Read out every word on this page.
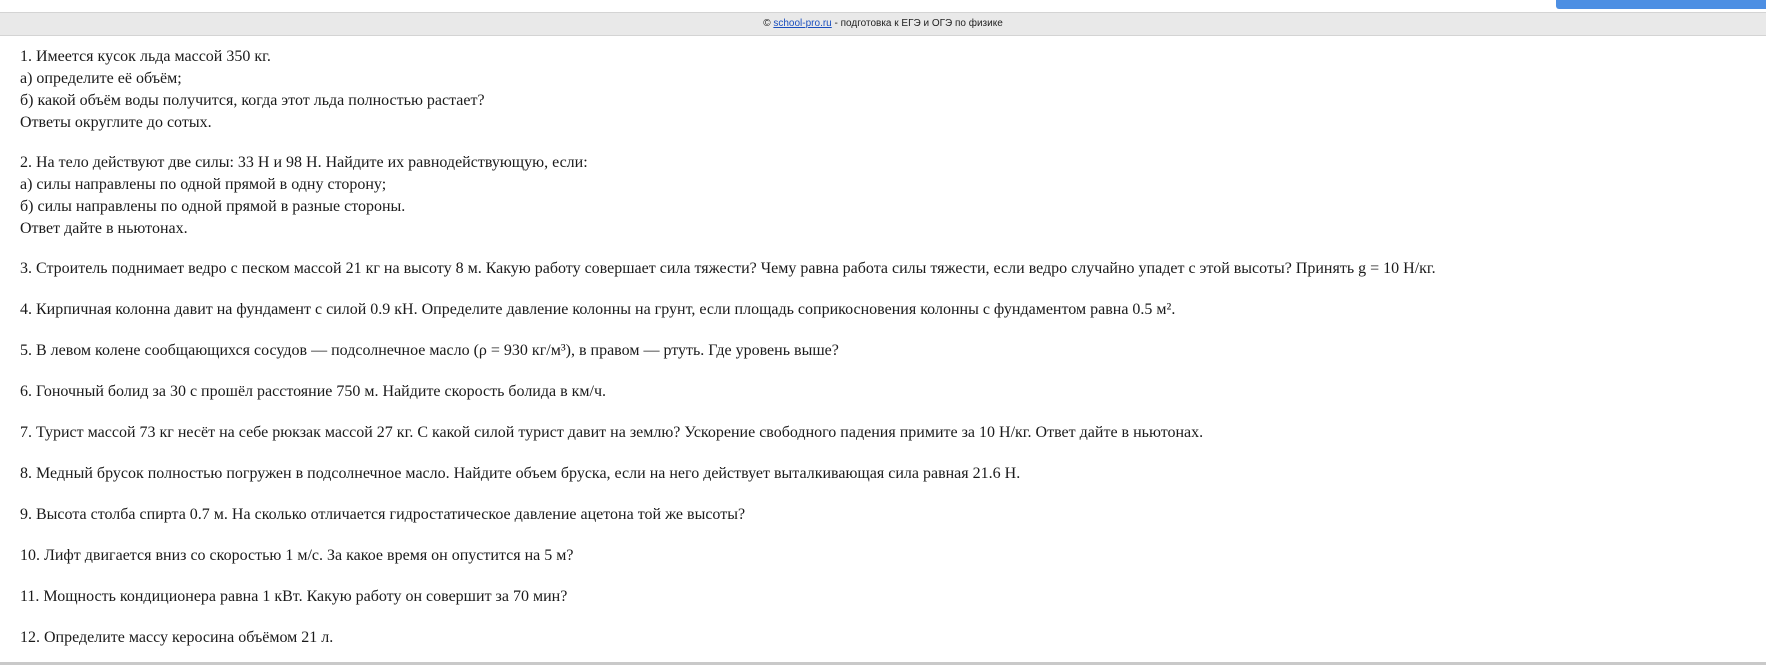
© school-pro.ru - подготовка к ЕГЭ и ОГЭ по физике
1. Имеется кусок льда массой 350 кг.
а) определите её объём;
б) какой объём воды получится, когда этот льда полностью растает?
Ответы округлите до сотых.
2. На тело действуют две силы: 33 Н и 98 Н. Найдите их равнодействующую, если:
а) силы направлены по одной прямой в одну сторону;
б) силы направлены по одной прямой в разные стороны.
Ответ дайте в ньютонах.
3. Строитель поднимает ведро с песком массой 21 кг на высоту 8 м. Какую работу совершает сила тяжести? Чему равна работа силы тяжести, если ведро случайно упадет с этой высоты? Принять g = 10 Н/кг.
4. Кирпичная колонна давит на фундамент с силой 0.9 кН. Определите давление колонны на грунт, если площадь соприкосновения колонны с фундаментом равна 0.5 м².
5. В левом колене сообщающихся сосудов — подсолнечное масло (ρ = 930 кг/м³), в правом — ртуть. Где уровень выше?
6. Гоночный болид за 30 с прошёл расстояние 750 м. Найдите скорость болида в км/ч.
7. Турист массой 73 кг несёт на себе рюкзак массой 27 кг. С какой силой турист давит на землю? Ускорение свободного падения примите за 10 Н/кг. Ответ дайте в ньютонах.
8. Медный брусок полностью погружен в подсолнечное масло. Найдите объем бруска, если на него действует выталкивающая сила равная 21.6 Н.
9. Высота столба спирта 0.7 м. На сколько отличается гидростатическое давление ацетона той же высоты?
10. Лифт двигается вниз со скоростью 1 м/с. За какое время он опустится на 5 м?
11. Мощность кондиционера равна 1 кВт. Какую работу он совершит за 70 мин?
12. Определите массу керосина объёмом 21 л.
